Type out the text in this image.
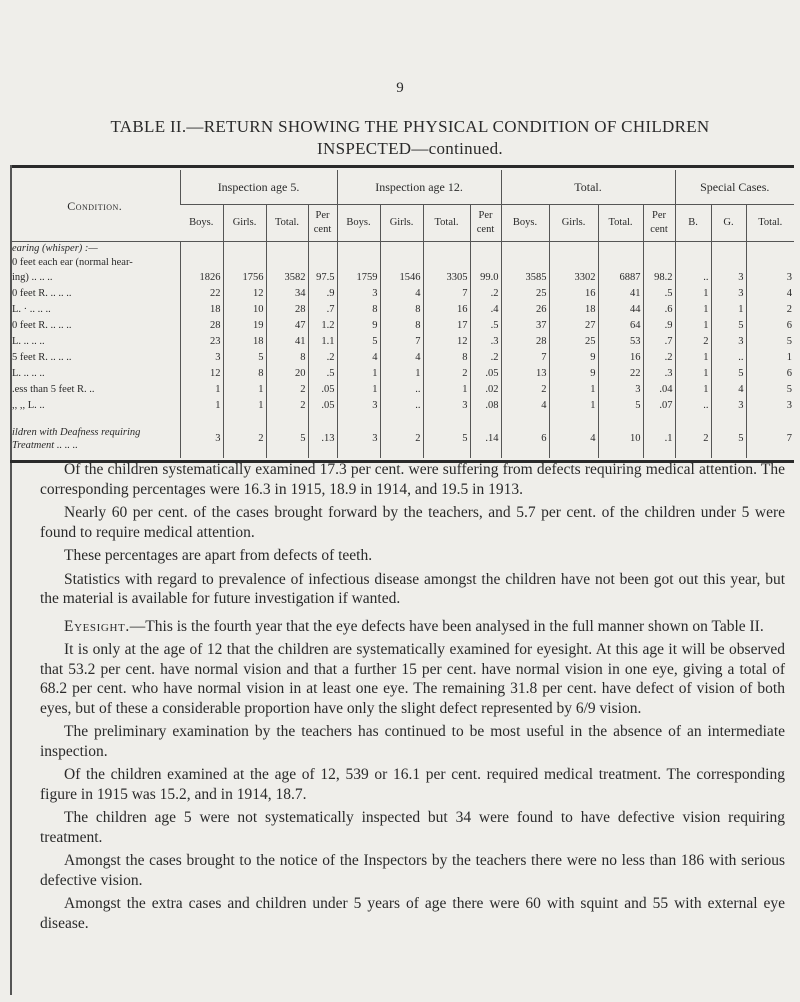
9
TABLE II.—RETURN SHOWING THE PHYSICAL CONDITION OF CHILDREN
INSPECTED—continued.
Condition.	Inspection age 5.				Inspection age 12.				Total.				Special Cases.		
	Boys.	Girls.	Total.	Per cent	Boys.	Girls.	Total.	Per cent	Boys.	Girls.	Total.	Per cent	B.	G.	Total.
earing (whisper) :—															
0 feet each ear (normal hear-															
ing) .. .. ..	1826	1756	3582	97.5	1759	1546	3305	99.0	3585	3302	6887	98.2	..	3	3
0 feet R. .. .. ..	22	12	34	.9	3	4	7	.2	25	16	41	.5	1	3	4
L. · .. .. ..	18	10	28	.7	8	8	16	.4	26	18	44	.6	1	1	2
0 feet R. .. .. ..	28	19	47	1.2	9	8	17	.5	37	27	64	.9	1	5	6
L. .. .. ..	23	18	41	1.1	5	7	12	.3	28	25	53	.7	2	3	5
5 feet R. .. .. ..	3	5	8	.2	4	4	8	.2	7	9	16	.2	1	..	1
L. .. .. ..	12	8	20	.5	1	1	2	.05	13	9	22	.3	1	5	6
.ess than 5 feet R. ..	1	1	2	.05	1	..	1	.02	2	1	3	.04	1	4	5
,, ,, L. ..	1	1	2	.05	3	..	3	.08	4	1	5	.07	..	3	3

ildren with Deafness requiring
Treatment .. .. ..	3	2	5	.13	3	2	5	.14	6	4	10	.1	2	5	7

Of the children systematically examined 17.3 per cent. were suffering from defects requiring medical attention. The corresponding percentages were 16.3 in 1915, 18.9 in 1914, and 19.5 in 1913.

Nearly 60 per cent. of the cases brought forward by the teachers, and 5.7 per cent. of the children under 5 were found to require medical attention.

These percentages are apart from defects of teeth.

Statistics with regard to prevalence of infectious disease amongst the children have not been got out this year, but the material is available for future investigation if wanted.

Eyesight.—This is the fourth year that the eye defects have been analysed in the full manner shown on Table II.

It is only at the age of 12 that the children are systematically examined for eyesight. At this age it will be observed that 53.2 per cent. have normal vision and that a further 15 per cent. have normal vision in one eye, giving a total of 68.2 per cent. who have normal vision in at least one eye. The remaining 31.8 per cent. have defect of vision of both eyes, but of these a considerable proportion have only the slight defect represented by 6/9 vision.

The preliminary examination by the teachers has continued to be most useful in the absence of an intermediate inspection.

Of the children examined at the age of 12, 539 or 16.1 per cent. required medical treatment. The corresponding figure in 1915 was 15.2, and in 1914, 18.7.

The children age 5 were not systematically inspected but 34 were found to have defective vision requiring treatment.

Amongst the cases brought to the notice of the Inspectors by the teachers there were no less than 186 with serious defective vision.

Amongst the extra cases and children under 5 years of age there were 60 with squint and 55 with external eye disease.
